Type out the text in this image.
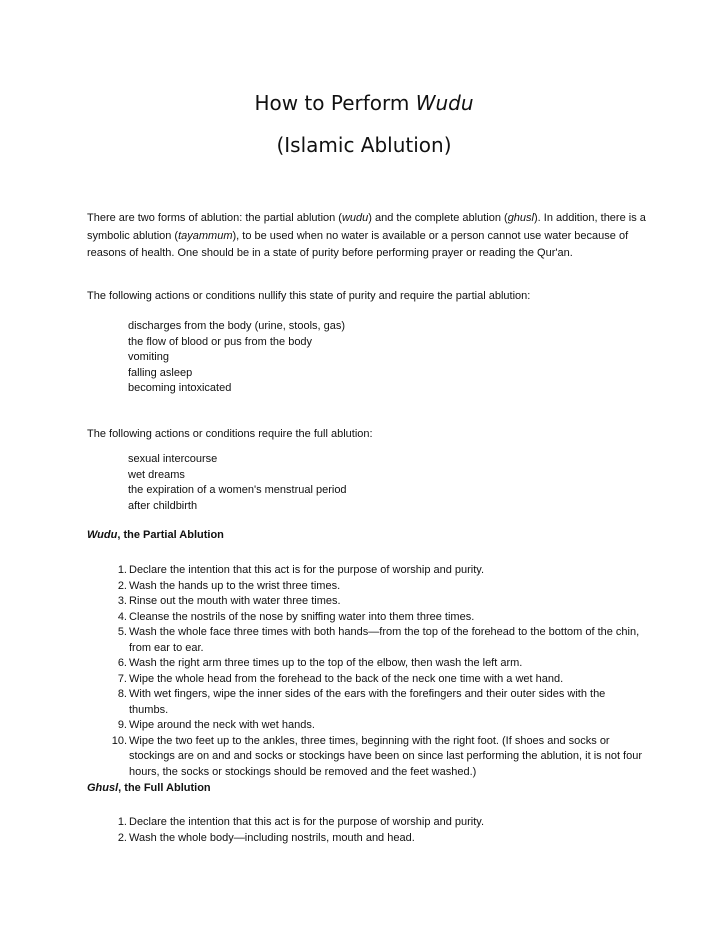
How to Perform Wudu
(Islamic Ablution)
There are two forms of ablution: the partial ablution (wudu) and the complete ablution (ghusl). In addition, there is a symbolic ablution (tayammum), to be used when no water is available or a person cannot use water because of reasons of health. One should be in a state of purity before performing prayer or reading the Qur'an.
The following actions or conditions nullify this state of purity and require the partial ablution:
discharges from the body (urine, stools, gas)
the flow of blood or pus from the body
vomiting
falling asleep
becoming intoxicated
The following actions or conditions require the full ablution:
sexual intercourse
wet dreams
the expiration of a women's menstrual period
after childbirth
Wudu, the Partial Ablution
1. Declare the intention that this act is for the purpose of worship and purity.
2. Wash the hands up to the wrist three times.
3. Rinse out the mouth with water three times.
4. Cleanse the nostrils of the nose by sniffing water into them three times.
5. Wash the whole face three times with both hands—from the top of the forehead to the bottom of the chin, from ear to ear.
6. Wash the right arm three times up to the top of the elbow, then wash the left arm.
7. Wipe the whole head from the forehead to the back of the neck one time with a wet hand.
8. With wet fingers, wipe the inner sides of the ears with the forefingers and their outer sides with the thumbs.
9. Wipe around the neck with wet hands.
10. Wipe the two feet up to the ankles, three times, beginning with the right foot. (If shoes and socks or stockings are on and and socks or stockings have been on since last performing the ablution, it is not four hours, the socks or stockings should be removed and the feet washed.)
Ghusl, the Full Ablution
1. Declare the intention that this act is for the purpose of worship and purity.
2. Wash the whole body—including nostrils, mouth and head.
